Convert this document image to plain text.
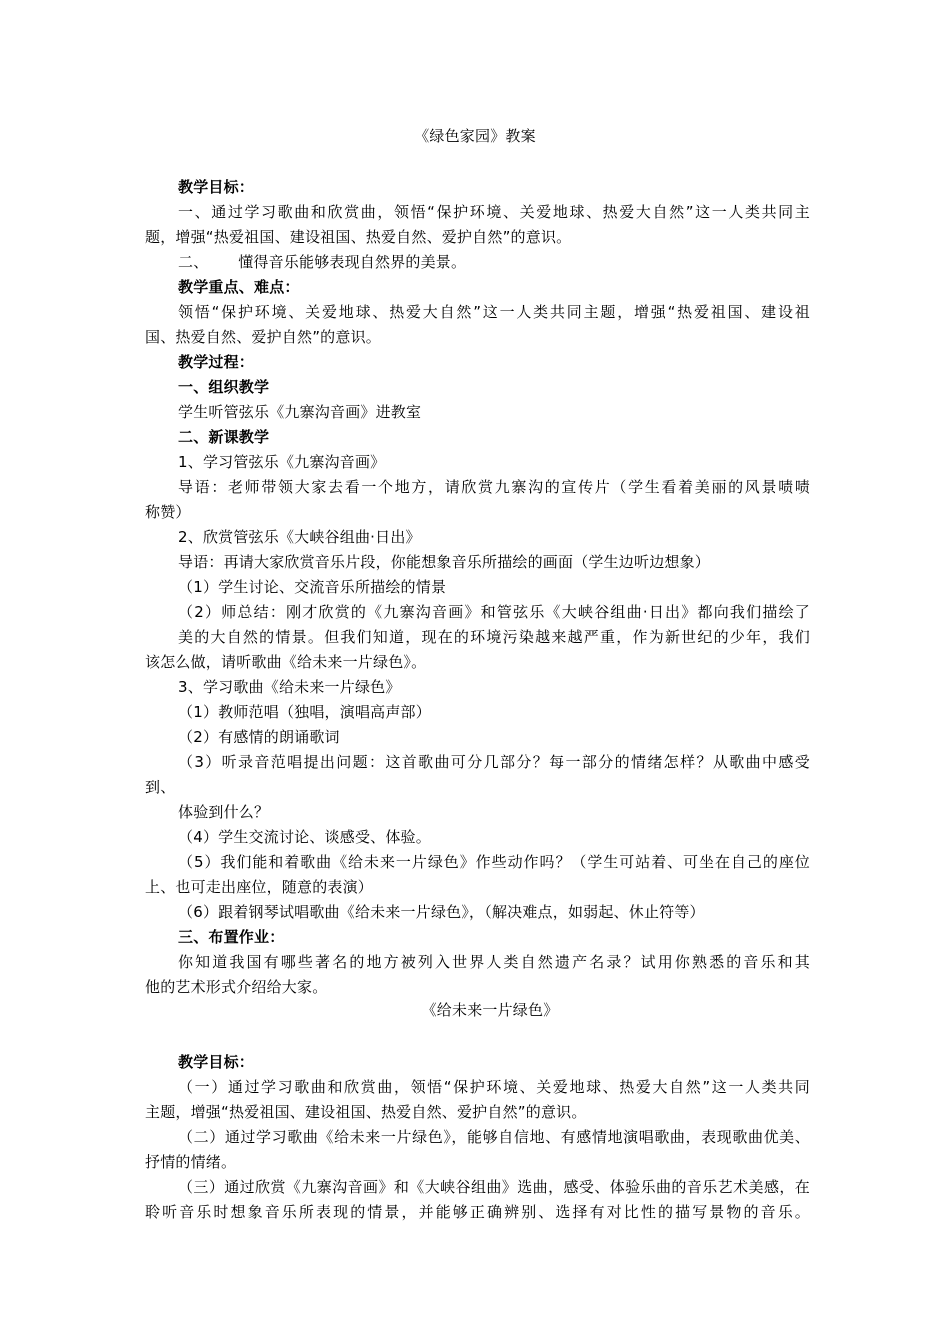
《绿色家园》教案
教学目标：
一、通过学习歌曲和欣赏曲，领悟“保护环境、关爱地球、热爱大自然”这一人类共同主
题，增强“热爱祖国、建设祖国、热爱自然、爱护自然”的意识。
二、      懂得音乐能够表现自然界的美景。
教学重点、难点：
领悟“保护环境、关爱地球、热爱大自然”这一人类共同主题，增强“热爱祖国、建设祖
国、热爱自然、爱护自然”的意识。
教学过程：
一、组织教学
学生听管弦乐《九寨沟音画》进教室
二、新课教学
1、学习管弦乐《九寨沟音画》
导语：老师带领大家去看一个地方，请欣赏九寨沟的宣传片（学生看着美丽的风景啧啧
称赞）
2、欣赏管弦乐《大峡谷组曲·日出》
导语：再请大家欣赏音乐片段，你能想象音乐所描绘的画面（学生边听边想象）
（1）学生讨论、交流音乐所描绘的情景
（2）师总结：刚才欣赏的《九寨沟音画》和管弦乐《大峡谷组曲·日出》都向我们描绘了
美的大自然的情景。但我们知道，现在的环境污染越来越严重，作为新世纪的少年，我们
该怎么做，请听歌曲《给未来一片绿色》。
3、学习歌曲《给未来一片绿色》
（1）教师范唱（独唱，演唱高声部）
（2）有感情的朗诵歌词
（3）听录音范唱提出问题：这首歌曲可分几部分？每一部分的情绪怎样？从歌曲中感受
到、
体验到什么？
（4）学生交流讨论、谈感受、体验。
（5）我们能和着歌曲《给未来一片绿色》作些动作吗？（学生可站着、可坐在自己的座位
上、也可走出座位，随意的表演）
（6）跟着钢琴试唱歌曲《给未来一片绿色》，（解决难点，如弱起、休止符等）
三、布置作业：
你知道我国有哪些著名的地方被列入世界人类自然遗产名录？试用你熟悉的音乐和其
他的艺术形式介绍给大家。
《给未来一片绿色》
教学目标：
（一）通过学习歌曲和欣赏曲，领悟“保护环境、关爱地球、热爱大自然”这一人类共同
主题，增强“热爱祖国、建设祖国、热爱自然、爱护自然”的意识。
（二）通过学习歌曲《给未来一片绿色》，能够自信地、有感情地演唱歌曲，表现歌曲优美、
抒情的情绪。
（三）通过欣赏《九寨沟音画》和《大峡谷组曲》选曲，感受、体验乐曲的音乐艺术美感，在
聆听音乐时想象音乐所表现的情景，并能够正确辨别、选择有对比性的描写景物的音乐。
